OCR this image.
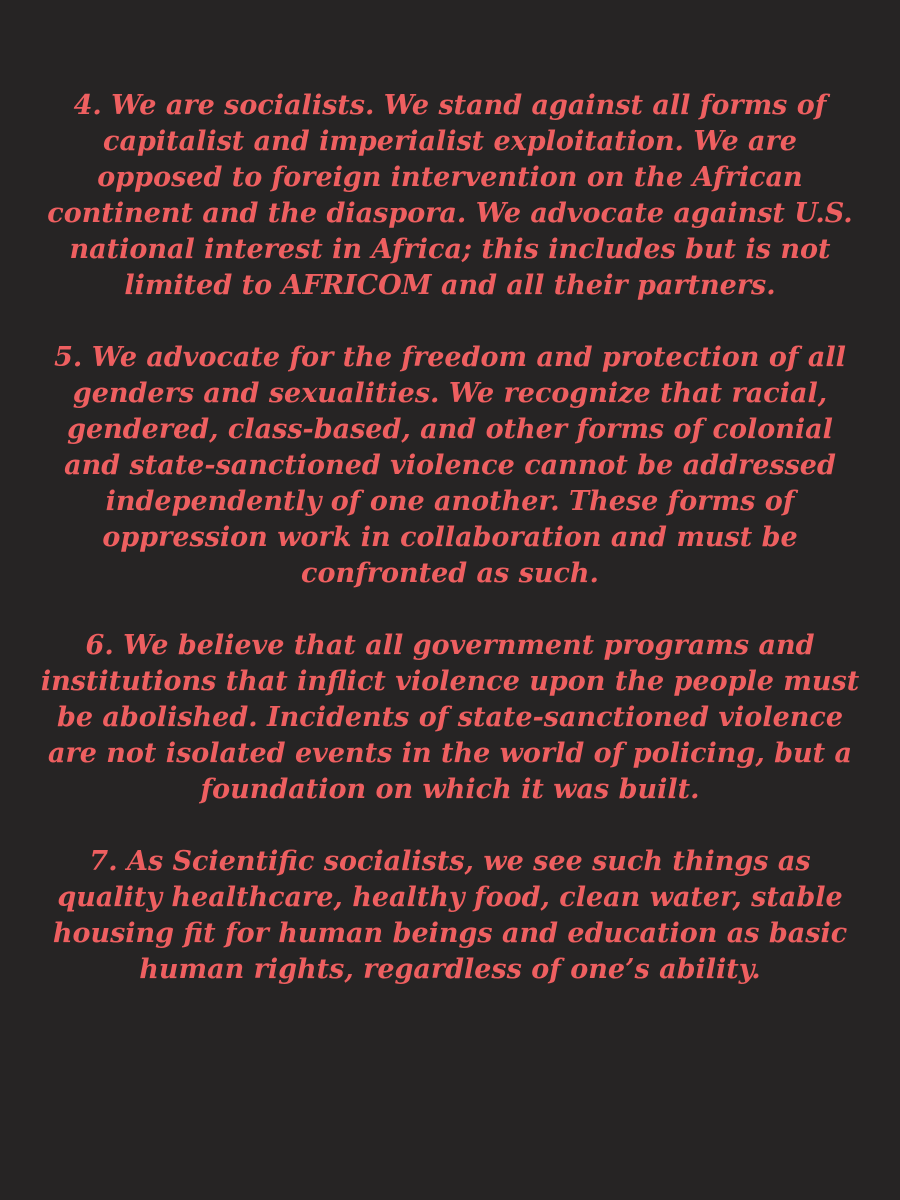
4. We are socialists. We stand against all forms of capitalist and imperialist exploitation. We are opposed to foreign intervention on the African continent and the diaspora. We advocate against U.S. national interest in Africa; this includes but is not limited to AFRICOM and all their partners.

5. We advocate for the freedom and protection of all genders and sexualities. We recognize that racial, gendered, class-based, and other forms of colonial and state-sanctioned violence cannot be addressed independently of one another. These forms of oppression work in collaboration and must be confronted as such.

6. We believe that all government programs and institutions that inflict violence upon the people must be abolished. Incidents of state-sanctioned violence are not isolated events in the world of policing, but a foundation on which it was built.

7. As Scientific socialists, we see such things as quality healthcare, healthy food, clean water, stable housing fit for human beings and education as basic human rights, regardless of one’s ability.
